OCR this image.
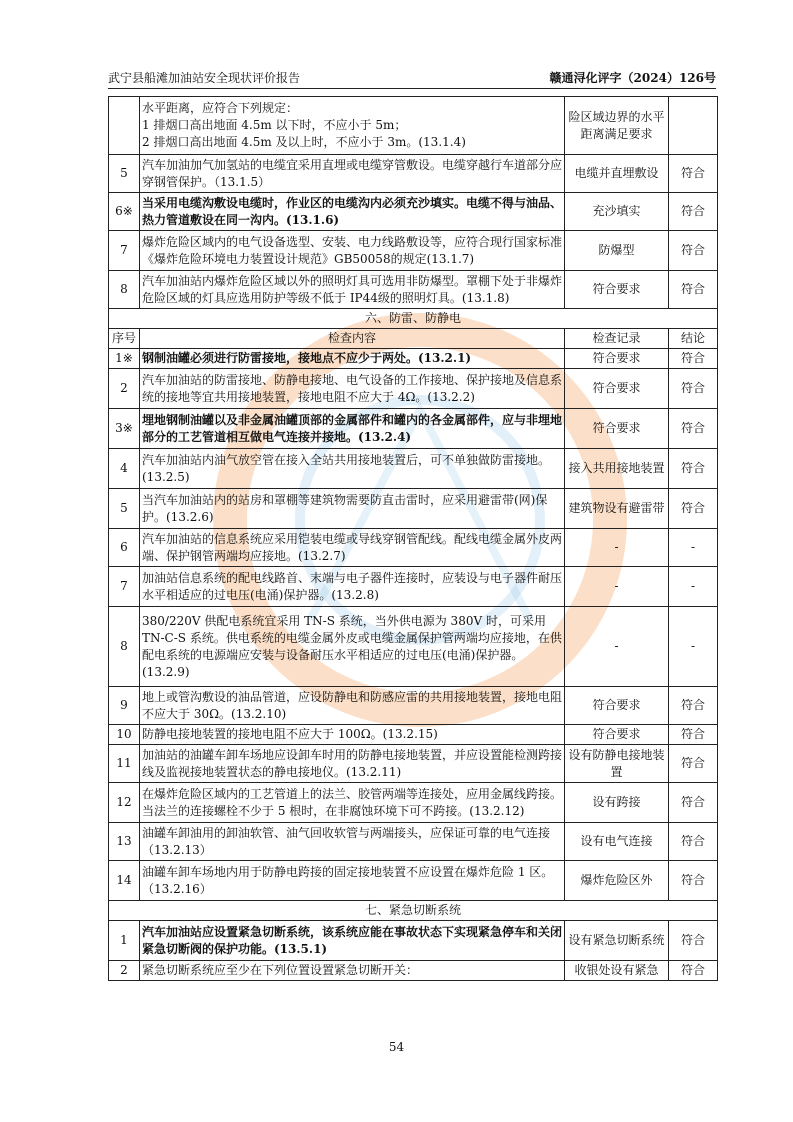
武宁县船滩加油站安全现状评价报告	赣通浔化评字（2024）126号
	水平距离，应符合下列规定：
1 排烟口高出地面 4.5m 以下时，不应小于 5m；
2 排烟口高出地面 4.5m 及以上时，不应小于 3m。(13.1.4)	险区域边界的水平距离满足要求	
5	汽车加油加气加氢站的电缆宜采用直埋或电缆穿管敷设。电缆穿越行车道部分应穿钢管保护。（13.1.5）	电缆并直埋敷设	符合
6※	当采用电缆沟敷设电缆时，作业区的电缆沟内必须充沙填实。电缆不得与油品、热力管道敷设在同一沟内。(13.1.6)	充沙填实	符合
7	爆炸危险区域内的电气设备选型、安装、电力线路敷设等，应符合现行国家标准《爆炸危险环境电力装置设计规范》GB50058的规定(13.1.7)	防爆型	符合
8	汽车加油站内爆炸危险区域以外的照明灯具可选用非防爆型。罩棚下处于非爆炸危险区域的灯具应选用防护等级不低于 IP44级的照明灯具。(13.1.8)	符合要求	符合
六、防雷、防静电			
序号	检查内容	检查记录	结论
1※	钢制油罐必须进行防雷接地，接地点不应少于两处。(13.2.1)	符合要求	符合
2	汽车加油站的防雷接地、防静电接地、电气设备的工作接地、保护接地及信息系统的接地等宜共用接地装置，接地电阻不应大于 4Ω。(13.2.2)	符合要求	符合
3※	埋地钢制油罐以及非金属油罐顶部的金属部件和罐内的各金属部件，应与非埋地部分的工艺管道相互做电气连接并接地。(13.2.4)	符合要求	符合
4	汽车加油站内油气放空管在接入全站共用接地装置后，可不单独做防雷接地。(13.2.5)	接入共用接地装置	符合
5	当汽车加油站内的站房和罩棚等建筑物需要防直击雷时，应采用避雷带(网)保护。(13.2.6)	建筑物设有避雷带	符合
6	汽车加油站的信息系统应采用铠装电缆或导线穿钢管配线。配线电缆金属外皮两端、保护钢管两端均应接地。(13.2.7)	-	-
7	加油站信息系统的配电线路首、末端与电子器件连接时，应装设与电子器件耐压水平相适应的过电压(电涌)保护器。(13.2.8)	-	-
8	380/220V 供配电系统宜采用 TN-S 系统，当外供电源为 380V 时，可采用 TN-C-S 系统。供电系统的电缆金属外皮或电缆金属保护管两端均应接地，在供配电系统的电源端应安装与设备耐压水平相适应的过电压(电涌)保护器。(13.2.9)	-	-
9	地上或管沟敷设的油品管道，应设防静电和防感应雷的共用接地装置，接地电阻不应大于 30Ω。(13.2.10)	符合要求	符合
10	防静电接地装置的接地电阻不应大于 100Ω。(13.2.15)	符合要求	符合
11	加油站的油罐车卸车场地应设卸车时用的防静电接地装置，并应设置能检测跨接线及监视接地装置状态的静电接地仪。(13.2.11)	设有防静电接地装置	符合
12	在爆炸危险区域内的工艺管道上的法兰、胶管两端等连接处，应用金属线跨接。当法兰的连接螺栓不少于 5 根时，在非腐蚀环境下可不跨接。(13.2.12)	设有跨接	符合
13	油罐车卸油用的卸油软管、油气回收软管与两端接头，应保证可靠的电气连接（13.2.13）	设有电气连接	符合
14	油罐车卸车场地内用于防静电跨接的固定接地装置不应设置在爆炸危险 1 区。（13.2.16）	爆炸危险区外	符合
七、紧急切断系统			
1	汽车加油站应设置紧急切断系统，该系统应能在事故状态下实现紧急停车和关闭紧急切断阀的保护功能。(13.5.1)	设有紧急切断系统	符合
2	紧急切断系统应至少在下列位置设置紧急切断开关：	收银处设有紧急	符合
54
